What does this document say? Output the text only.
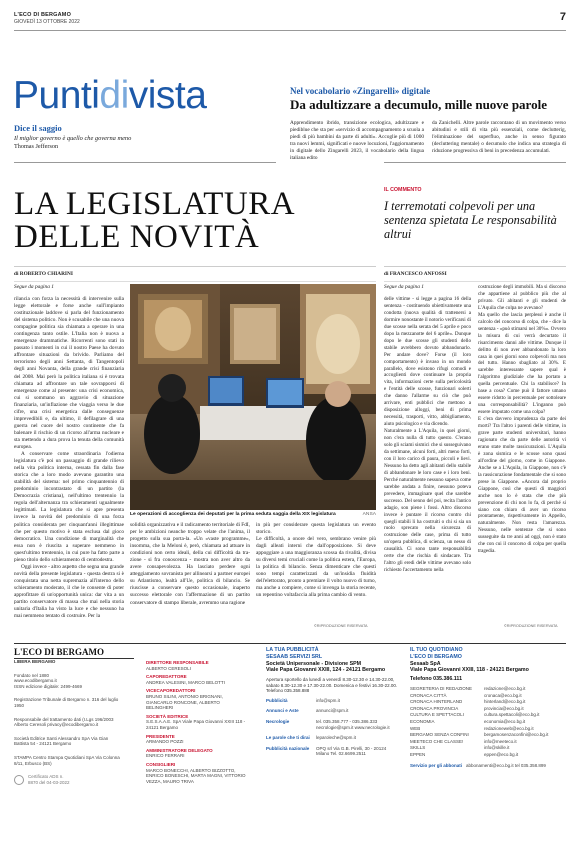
L'ECO DI BERGAMO
GIOVEDÌ 13 OTTOBRE 2022	7
Puntidivista
Dice il saggio
Il miglior governo è quello che governa meno
Thomas Jefferson
Nel vocabolario «Zingarelli» digitale
Da adultizzare a decumulo, mille nuove parole
Apprendimento ibrido, transizione ecologica, adultizzare e piediblue che sta per «servizio di accompagnamento a scuola a piedi di più bambini da parte di adulti». Accoglie più di 1000 tra nuovi lemmi, significati e nuove locuzioni, l'aggiornamento in digitale dello Zingarelli 2023, il vocabolario della lingua italiana edito
da Zanichelli. Altre parole raccontano di un movimento verso abitudini e stili di vita più essenziali, come declutterig, l'eliminazione del superfluo, anche in senso figurato (decluttering mentale) o decumulo che indica una strategia di riduzione progressiva di beni in precedenza accumulati.
LA LEGISLATURA
DELLE NOVITÀ
IL COMMENTO
I terremotati colpevoli per una sentenza spietata Le responsabilità altrui
di ROBERTO CHIARINI	di FRANCESCO ANFOSSI
Segue da pagina 1

rilancia con forza la necessità di intervenire sulla legge elettorale e forse anche sull'impianto costituzionale laddove si parla del funzionamento del sistema politico. Non è scusabile che una nuova compagine politica sia chiamata a operare in una contingenza tanto ostile. L'Italia non è nuova a emergenze drammatiche. Ricorrenti sono stati in passato i momenti in cui il nostro Paese ha dovuto affrontare situazioni da brivido. Parliamo del terrorismo degli anni Settanta, di Tangentopoli degli anni Novanta, della grande crisi finanziaria del 2008. Mai però la politica italiana si è trovata chiamata ad affrontare un tale sovrapporsi di emergenze come al presente: una crisi economica, cui si sommano un aggravio di situazione finanziaria, un'inflazione che viaggia verso le due cifre, una crisi energetica dalle conseguenze imprevedibili e, da ultimo, il defilagrare di una guerra nel cuore del nostro continente che fa balenare il rischio di un ricorso all'arma nucleare e sta mettendo a dura prova la tenuta della comunità europea.

A conservare come straordinaria l'odierna legislatura c'è poi un passaggio di grande rilievo nella vita politica interna, cessata fin dalla fase storica che a loro modo avevano garantito una stabilità del sistema: nel primo cinquantennio di predominio incontrastato di un partito (la Democrazia cristiana), nell'ultimo trentennio la regola dell'alternanza tra schieramenti ugualmente legittimati. La legislatura che si apre presenta invece la novità del predominio di una forza politica considerata per cinquant'anni illegittimae che per questo motivo è stata esclusa dal gioco democratico. Una condizione di marginalità che essa non è riuscita a superare nemmeno in quest'ultimo trentennio, in cui pure ha fatto parte a pieno titolo dello schieramento di centrodestra.

Oggi invece - altro aspetto che segna una grande novità della presente legislatura - questa destra si è conquistata una netta supremazia all'interno dello schieramento moderato, il che le consente di poter approfittare di un'opportunità unica: dar vita a un partito conservatore di massa che mai nella storia unitaria d'Italia ha visto la luce e che nessuno ha mai nemmeno tentato di costruire. Per la

Le operazioni di accoglienza dei deputati per la prima seduta saggia della XIX legislatura	ANSA
solidità organizzativa e il radicamento territoriale di FdI, per le ambizioni neanche troppo velate che l'anima, il progetto sulla sua porta-la. «Un «vaste programme», insomma, che la Meloni è, però, chiamata ad attuare in condizioni non certo ideali, della cui difficoltà da tra-zione - si fra conoscenza - mostra non aver altro da avere consapevolezza. Ha lasciato perdere ogni atteggiamento sovranista per allinearsi a partner europei su Atlantismo, lealtà all'Ue, politica di bilancio. Se riuscisse a conservare questo occasionale, inaperto successo elettorale con l'affermazione di un partito conservatore di stampo liberale, avremmo una ragione
in più per considerare questa legislatura un evento storico.
Le difficoltà, a onore del vero, sembrano venire più dagli alleati interni che dall'opposizione. Si deve appoggiare a una maggioranza scossa da rivalità, divisa su diversi temi cruciali come la politica estera, l'Europa, la politica di bilancio. Senza dimenticare che questi sono tempi caratterizzati da un'insidia fluidità dell'elettorato, pronto a premiare il volto nuovo di turno, ma anche a compiere, come si invenga la storia recente, un repentino voltafaccia alla prima cambio di vento.
©RIPRODUZIONE RISERVATA
Segue da pagina 1
delle vittime - si legge a pagina 16 della sentenza - costituendo obiettivamente una condotta (nuova qualità di trattenersi a dormire nonostante il notorio verificarsi di due scosse nella serata del 5 aprile e poco dopo la mezzanotte del 6 aprile». Dunque dopo le due scosse gli studenti dello stabile avrebbero dovuto abbandonarlo. Per andare dove? Forse (il loro comportamento) è invaso in un mondo parallelo, dove esistono rifugi comodi e accoglienti dove continuare la propria vita, informazioni certe sulla pericolosità e l'entità delle scosse, funzionari solerti che danno l'allarme su ciò che può arrivare, enti pubblici che mettono a disposizione alloggi, beni di prima necessità, trasporti, vitto, abbigliamento, aiuto psicologico e via dicendo.
Naturalmente a L'Aquila, in quei giorni, non c'era nulla di tutto questo. C'erano solo gli sciami sismici che si susseguivano da settimane, alcuni forti, altri meno forti, con il loro carico di paura, piccoli e lievi. Nessuno ha detto agli abitanti dello stabile di abbandonare le loro case e i loro beni. Perché naturalmente nessuno sapeva come sarebbe andata a finire, nessuno poteva prevedere, immaginare quel che sarebbe successo. Del senno del poi, recita l'antico adagio, son piene i fossi. Altro discorso invece è puntare il ricorso contro chi quegli stabili li ha costruiti o chi si sia un ruolo sprecato nella sicurezza di costruzione delle case, prima di tutto un'opera pubblica, di scienza, un nesso di causalità. Ci sono tante responsabilità certe che che rischia di sindacare. Tra l'altro gli eredi delle vittime avevano solo richiesto l'accertamento nella
costruzione degli immobili. Ma si discorso che appartiene al pubblico più che al privato. Gli abitanti e gli studenti de L'Aquila che colpa ne avevano?
Ma quello che lascia perplessi è anche il calcolo del concorso di colpa, che - dice la sentenza - «può stimarsi nel 30%». Ovvero la misura di cui verrà decurtato il risarcimento danni alle vittime. Dunque il delitto di non aver abbandonato la loro casa in quei giorni sono colpevoli ma non del tutto. Hanno sbagliato al 30%. E sarebbe interessante sapere qual è l'algoritmo giudiziale che ha portato a quella percentuale. Chi la stabilisce? In base a cosa? Come può il fattore umano essere ridotto in percentuale per sottoleare una corresponsabilità? L'inganno può essere imputato come una colpa?
E c'era davvero imprudenza da parte dei morti? Tra l'altro i parenti delle vittime, in grave parte studenti universitari, hanno ragionato che da parte delle autorità vi erano state molte rassicurazioni. L'Aquila è zona sismica e le scosse sono quasi all'ordine del giorno, come in Giappone. Anche se a L'Aquila, in Giappone, non c'è la rassicurazione fondamentale che si sono prese in Giappone. «Ancora dal proprio Giappone, così che questi di maggiori anche non lo è stata che che più prevenzione di chi non lo fa, di perché si siano con chiaro di aver un ricorso prontamente, rispettivamente in Appello, naturalmente. Non resta l'amarezza. Nessuno, nelle sentenze che si sono susseguite da tre anni ad oggi, non è stato che con cui il concorso di colpa per quella tragedia.
©RIPRODUZIONE RISERVATA
L'ECO DI BERGAMO
LIBERA BERGAMO
Fondato nel 1880
www.ecodibergamo.it
ISSN edizione digitale: 2499-4669
Registrazione Tribunale di Bergamo n. 316 del luglio 1950
Responsabile del trattamento dati (I.Lgs 196/2003 Alberto Ceresoli privacy@ecodibergamo.it
Società Editrice Santi Alessandro SpA Via Gian Battista 54 - 24121 Bergamo
STAMPA Centro Stampa Quotidiani SpA Via Colonna 8/11, Erbusco (BS)
Certificato ADS n. 8870 del 04-03-2022
DIRETTORE RESPONSABILE
ALBERTO CERESOLI
CAPOREDATTORE
ANDREA VALESINI, MARCO BELOTTI
VICECAPOREDATTORI
BRUNO SILINI, ANTONIO BRIGNANI, GIANCARLO RONCONE, ALBERTO BELINGHERI
SOCIETÀ EDITRICE
S.E.S.A.A.E. SpA Viale Papa Giovanni XXIII 118 - 24121 Bergamo
PRESIDENTE
ARMANDO POZZI
AMMINISTRATORE DELEGATO
ENRICO FERRARI
CONSIGLIERI
MARCO BONECCHI, ALBERTO BIZZOTTO, ENRICO BONESCHI, MARTA MAGNI, VITTORIO VEZZA, MAURO TRIVA
LA TUA PUBBLICITÀ
SESAAB SERVIZI SRL
Società Unipersonale - Divisione SPM
Viale Papa Giovanni XXIII, 124 - 24121 Bergamo
Apertura sportello da lunedì a venerdì 8.30-12.30 e 14.30-22.00, sabato 8.30-12.30 e 17.30-22.00. Domenica e festivi 16.30-22.00. Telefono 035.358.888
Pubblicità	info@spm.it
Annunci e Aste	annunci@spm.it
Necrologie	tel. 035.358.777 - 035.386.333 necrologie@spm.it www.necrologie.it
Le parole che ti dirai	leparoleche@spm.it
Pubblicità nazionale	OPQ srl Via G.B. Pirelli, 30 - 20124 Milano Tel. 02.6699.2511
IL TUO QUOTIDIANO
L'ECO DI BERGAMO
Sesaab SpA
Viale Papa Giovanni XXIII, 118 - 24121 Bergamo
Telefono 035.386.111
SEGRETERIA DI REDAZIONE	redazione@eco.bg.it
CRONACA CITTÀ	cronaca@eco.bg.it
CRONACA HINTERLAND	hinterland@eco.bg.it
CRONACA PROVINCIA	provincia@eco.bg.it
CULTURA E SPETTACOLI	cultura.spettacoli@eco.bg.it
ECONOMIA	economia@eco.bg.it
WEB	redazioneweb@eco.bg.it
BERGAMO SENZA CONFINI	bergamosenzaconfini@eco.bg.it
MEETECO CHE CLASSE!	info@meeteco.it
SKILLS	info@skille.it
EPPEN	eppen@eco.bg.it
Servizio per gli abbonati abbonamenti@eco.bg.it tel 035.358.899
